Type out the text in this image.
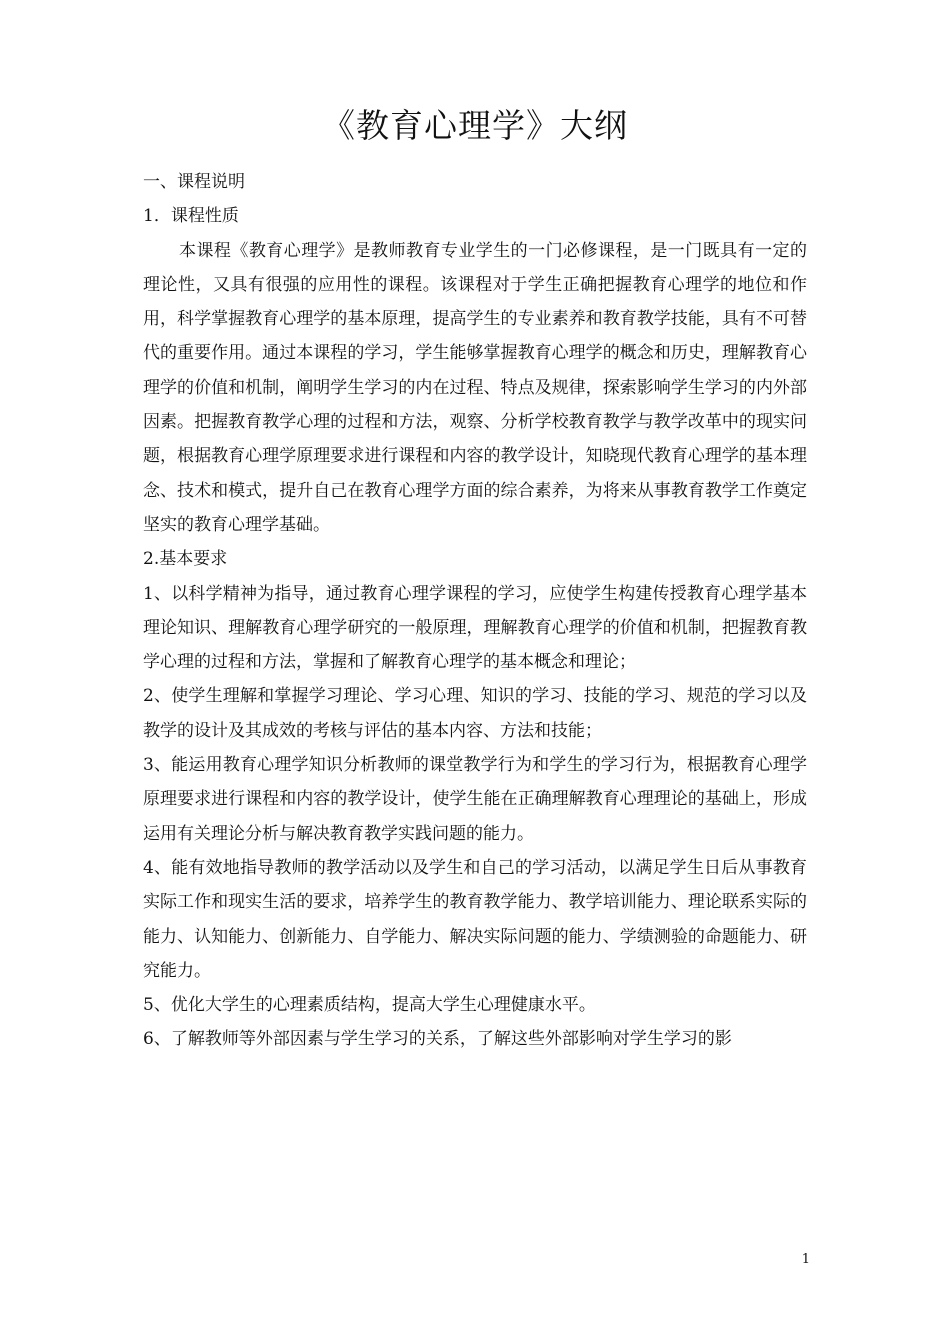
《教育心理学》大纲

一、课程说明

1．课程性质

本课程《教育心理学》是教师教育专业学生的一门必修课程，是一门既具有一定的理论性，又具有很强的应用性的课程。该课程对于学生正确把握教育心理学的地位和作用，科学掌握教育心理学的基本原理，提高学生的专业素养和教育教学技能，具有不可替代的重要作用。通过本课程的学习，学生能够掌握教育心理学的概念和历史，理解教育心理学的价值和机制，阐明学生学习的内在过程、特点及规律，探索影响学生学习的内外部因素。把握教育教学心理的过程和方法，观察、分析学校教育教学与教学改革中的现实问题，根据教育心理学原理要求进行课程和内容的教学设计，知晓现代教育心理学的基本理念、技术和模式，提升自己在教育心理学方面的综合素养，为将来从事教育教学工作奠定坚实的教育心理学基础。

2.基本要求

1、以科学精神为指导，通过教育心理学课程的学习，应使学生构建传授教育心理学基本理论知识、理解教育心理学研究的一般原理，理解教育心理学的价值和机制，把握教育教学心理的过程和方法，掌握和了解教育心理学的基本概念和理论；

2、使学生理解和掌握学习理论、学习心理、知识的学习、技能的学习、规范的学习以及教学的设计及其成效的考核与评估的基本内容、方法和技能；

3、能运用教育心理学知识分析教师的课堂教学行为和学生的学习行为，根据教育心理学原理要求进行课程和内容的教学设计，使学生能在正确理解教育心理理论的基础上，形成运用有关理论分析与解决教育教学实践问题的能力。

4、能有效地指导教师的教学活动以及学生和自己的学习活动，以满足学生日后从事教育实际工作和现实生活的要求，培养学生的教育教学能力、教学培训能力、理论联系实际的能力、认知能力、创新能力、自学能力、解决实际问题的能力、学绩测验的命题能力、研究能力。

5、优化大学生的心理素质结构，提高大学生心理健康水平。

6、了解教师等外部因素与学生学习的关系，了解这些外部影响对学生学习的影

1
